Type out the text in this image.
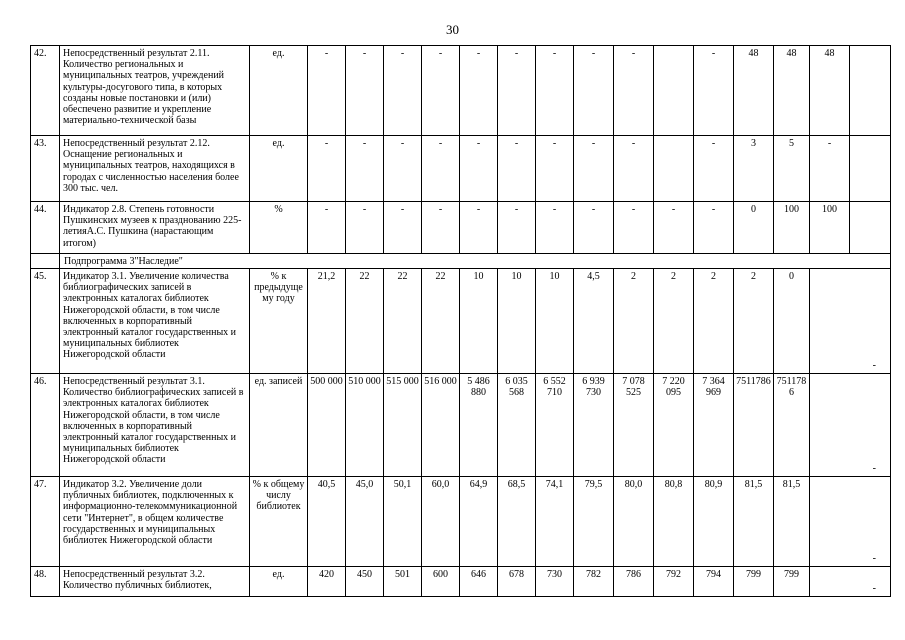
30
42.	Непосредственный результат 2.11. Количество региональных и муниципальных театров, учреждений культуры-досугового типа, в которых созданы новые постановки и (или) обеспечено развитие и укрепление материально-технической базы	ед.	-	-	-	-	-	-	-	-	-		-	48	48	48	
43.	Непосредственный результат 2.12. Оснащение региональных и муниципальных театров, находящихся в городах с численностью населения более 300 тыс. чел.	ед.	-	-	-	-	-	-	-	-	-		-	3	5	-	
44.	Индикатор 2.8. Степень готовности Пушкинских музеев к празднованию 225-летияА.С. Пушкина (нарастающим итогом)	%	-	-	-	-	-	-	-	-	-	-	-	0	100	100	
	Подпрограмма 3"Наследие"																
45.	Индикатор 3.1. Увеличение количества библиографических записей в электронных каталогах библиотек Нижегородской области, в том числе включенных в корпоративный электронный каталог государственных и муниципальных библиотек Нижегородской области	% к предыдущему году	21,2	22	22	22	10	10	10	4,5	2	2	2	2	0	-	

46.	Непосредственный результат 3.1. Количество библиографических записей в электронных каталогах библиотек Нижегородской области, в том числе включенных в корпоративный электронный каталог государственных и муниципальных библиотек Нижегородской области	ед. записей	500 000	510 000	515 000	516 000	5 486 880	6 035 568	6 552 710	6 939 730	7 078 525	7 220 095	7 364 969	7511786	7511786	-	

47.	Индикатор 3.2. Увеличение доли публичных библиотек, подключенных к информационно-телекоммуникационной сети "Интернет", в общем количестве государственных и муниципальных библиотек Нижегородской области	% к общему числу библиотек	40,5	45,0	50,1	60,0	64,9	68,5	74,1	79,5	80,0	80,8	80,9	81,5	81,5	-	

48.	Непосредственный результат 3.2. Количество публичных библиотек,	ед.	420	450	501	600	646	678	730	782	786	792	794	799	799	-	
